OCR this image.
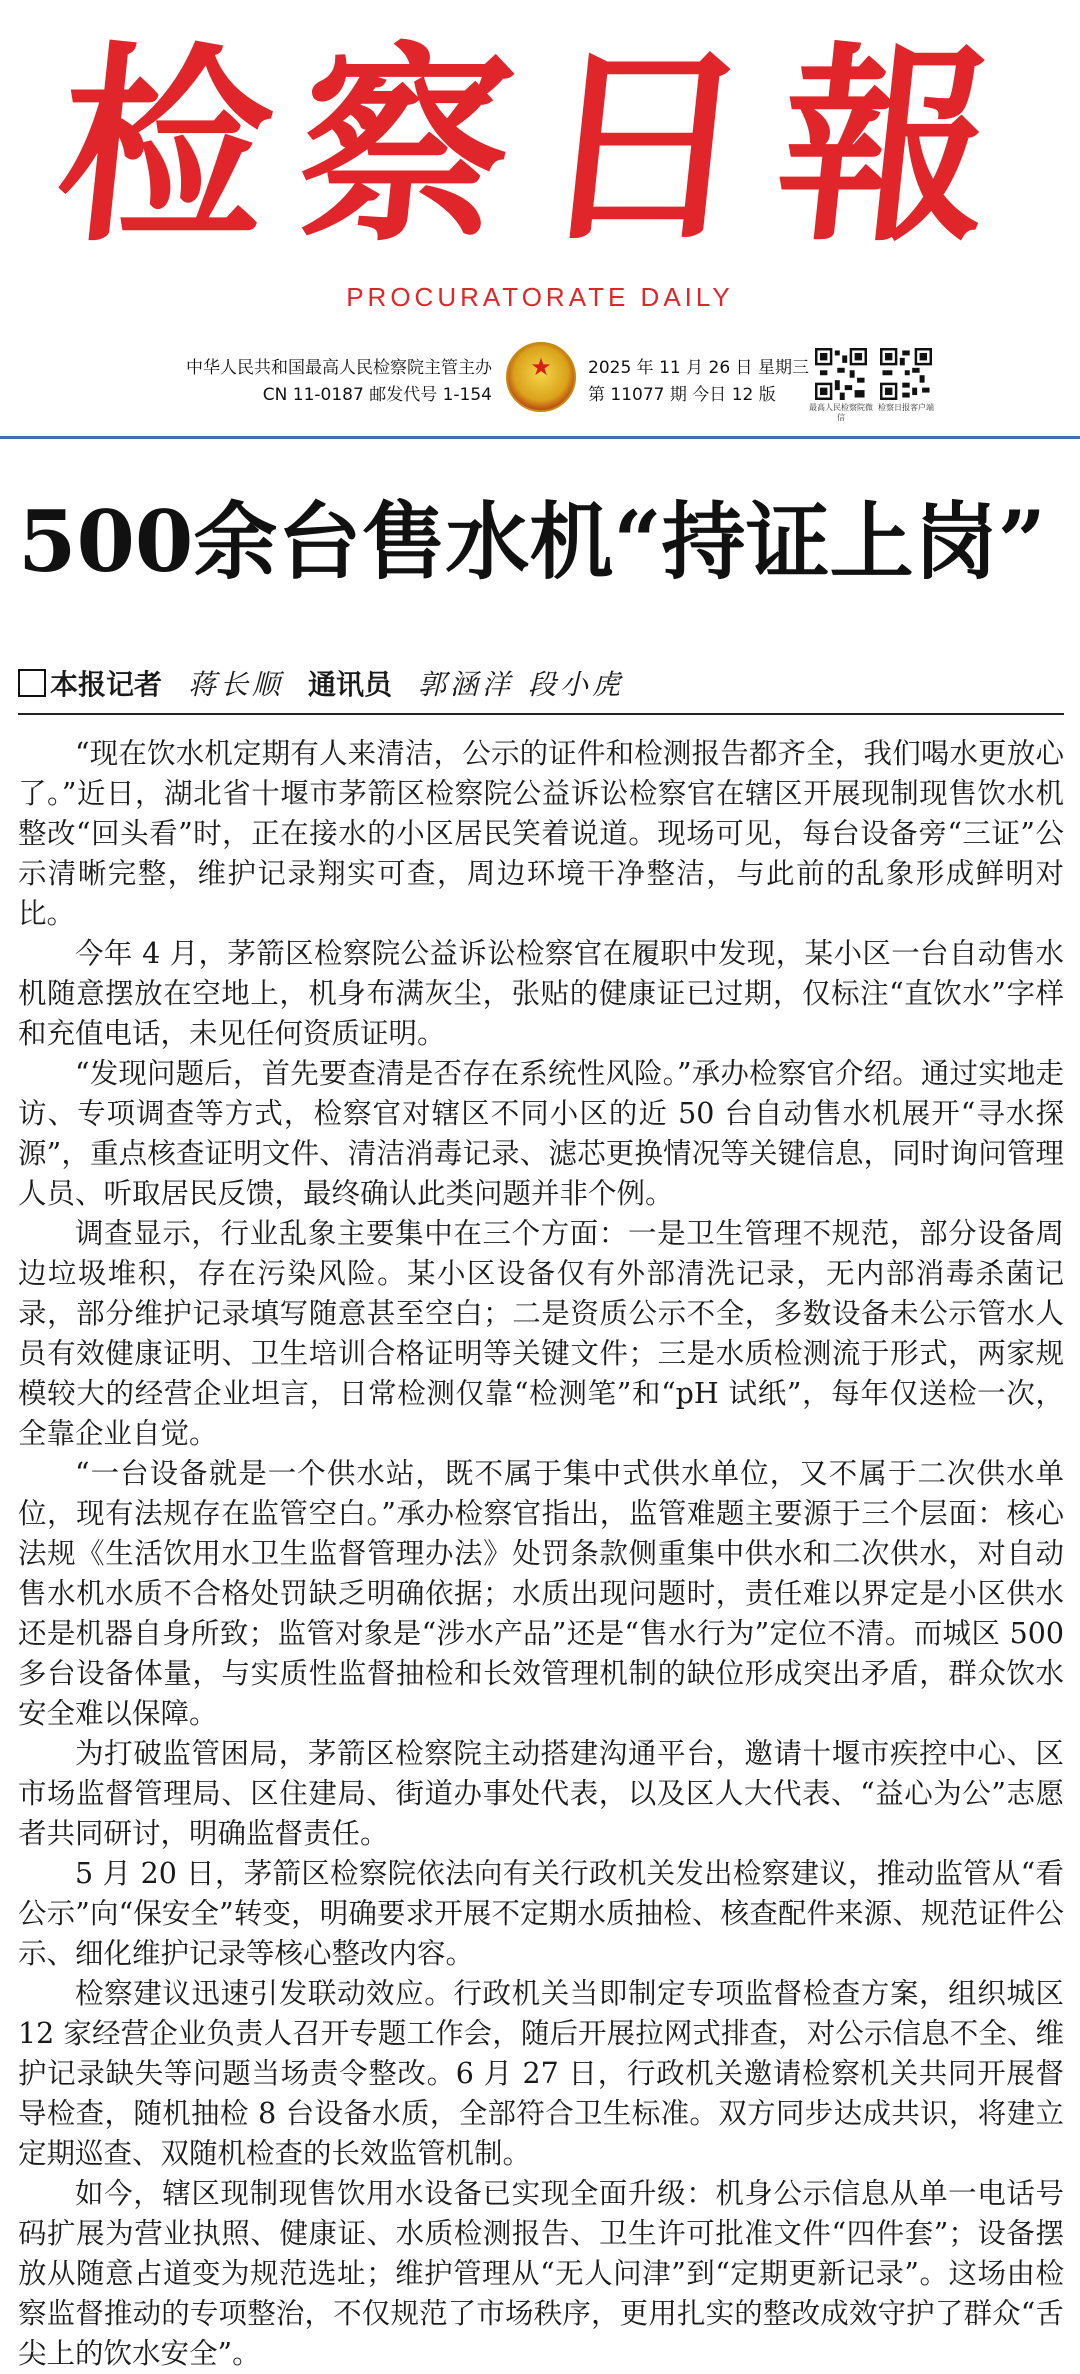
检察日報
PROCURATORATE DAILY
中华人民共和国最高人民检察院主管主办
CN 11-0187 邮发代号 1-154
★	2025 年 11 月 26 日 星期三
第 11077 期 今日 12 版
最高人民检察院微信
检察日报客户端
500余台售水机“持证上岗”
本报记者 蒋长顺 通讯员 郭涵洋 段小虎

“现在饮水机定期有人来清洁，公示的证件和检测报告都齐全，我们喝水更放心了。”近日，湖北省十堰市茅箭区检察院公益诉讼检察官在辖区开展现制现售饮水机整改“回头看”时，正在接水的小区居民笑着说道。现场可见，每台设备旁“三证”公示清晰完整，维护记录翔实可查，周边环境干净整洁，与此前的乱象形成鲜明对比。

今年 4 月，茅箭区检察院公益诉讼检察官在履职中发现，某小区一台自动售水机随意摆放在空地上，机身布满灰尘，张贴的健康证已过期，仅标注“直饮水”字样和充值电话，未见任何资质证明。

“发现问题后，首先要查清是否存在系统性风险。”承办检察官介绍。通过实地走访、专项调查等方式，检察官对辖区不同小区的近 50 台自动售水机展开“寻水探源”，重点核查证明文件、清洁消毒记录、滤芯更换情况等关键信息，同时询问管理人员、听取居民反馈，最终确认此类问题并非个例。

调查显示，行业乱象主要集中在三个方面：一是卫生管理不规范，部分设备周边垃圾堆积，存在污染风险。某小区设备仅有外部清洗记录，无内部消毒杀菌记录，部分维护记录填写随意甚至空白；二是资质公示不全，多数设备未公示管水人员有效健康证明、卫生培训合格证明等关键文件；三是水质检测流于形式，两家规模较大的经营企业坦言，日常检测仅靠“检测笔”和“pH 试纸”，每年仅送检一次，全靠企业自觉。

“一台设备就是一个供水站，既不属于集中式供水单位，又不属于二次供水单位，现有法规存在监管空白。”承办检察官指出，监管难题主要源于三个层面：核心法规《生活饮用水卫生监督管理办法》处罚条款侧重集中供水和二次供水，对自动售水机水质不合格处罚缺乏明确依据；水质出现问题时，责任难以界定是小区供水还是机器自身所致；监管对象是“涉水产品”还是“售水行为”定位不清。而城区 500 多台设备体量，与实质性监督抽检和长效管理机制的缺位形成突出矛盾，群众饮水安全难以保障。

为打破监管困局，茅箭区检察院主动搭建沟通平台，邀请十堰市疾控中心、区市场监督管理局、区住建局、街道办事处代表，以及区人大代表、“益心为公”志愿者共同研讨，明确监督责任。

5 月 20 日，茅箭区检察院依法向有关行政机关发出检察建议，推动监管从“看公示”向“保安全”转变，明确要求开展不定期水质抽检、核查配件来源、规范证件公示、细化维护记录等核心整改内容。

检察建议迅速引发联动效应。行政机关当即制定专项监督检查方案，组织城区 12 家经营企业负责人召开专题工作会，随后开展拉网式排查，对公示信息不全、维护记录缺失等问题当场责令整改。6 月 27 日，行政机关邀请检察机关共同开展督导检查，随机抽检 8 台设备水质，全部符合卫生标准。双方同步达成共识，将建立定期巡查、双随机检查的长效监管机制。

如今，辖区现制现售饮用水设备已实现全面升级：机身公示信息从单一电话号码扩展为营业执照、健康证、水质检测报告、卫生许可批准文件“四件套”；设备摆放从随意占道变为规范选址；维护管理从“无人问津”到“定期更新记录”。这场由检察监督推动的专项整治，不仅规范了市场秩序，更用扎实的整改成效守护了群众“舌尖上的饮水安全”。
